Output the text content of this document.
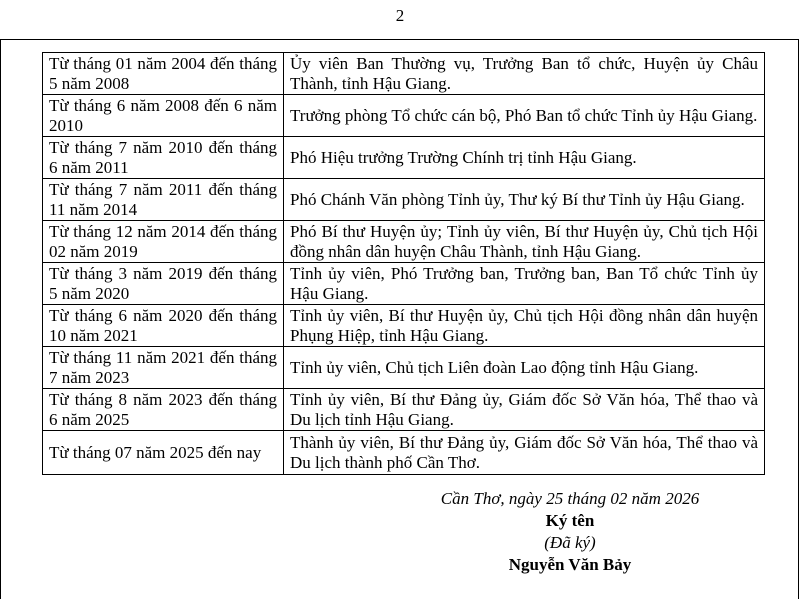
2
Từ tháng 01 năm 2004 đến tháng 5 năm 2008	Ủy viên Ban Thường vụ, Trưởng Ban tổ chức, Huyện ủy Châu Thành, tỉnh Hậu Giang.
Từ tháng 6 năm 2008 đến 6 năm 2010	Trưởng phòng Tổ chức cán bộ, Phó Ban tổ chức Tỉnh ủy Hậu Giang.
Từ tháng 7 năm 2010 đến tháng 6 năm 2011	Phó Hiệu trưởng Trường Chính trị tỉnh Hậu Giang.
Từ tháng 7 năm 2011 đến tháng 11 năm 2014	Phó Chánh Văn phòng Tỉnh ủy, Thư ký Bí thư Tỉnh ủy Hậu Giang.
Từ tháng 12 năm 2014 đến tháng 02 năm 2019	Phó Bí thư Huyện ủy; Tỉnh ủy viên, Bí thư Huyện ủy, Chủ tịch Hội đồng nhân dân huyện Châu Thành, tỉnh Hậu Giang.
Từ tháng 3 năm 2019 đến tháng 5 năm 2020	Tỉnh ủy viên, Phó Trưởng ban, Trưởng ban, Ban Tổ chức Tỉnh ủy Hậu Giang.
Từ tháng 6 năm 2020 đến tháng 10 năm 2021	Tỉnh ủy viên, Bí thư Huyện ủy, Chủ tịch Hội đồng nhân dân huyện Phụng Hiệp, tỉnh Hậu Giang.
Từ tháng 11 năm 2021 đến tháng 7 năm 2023	Tỉnh ủy viên, Chủ tịch Liên đoàn Lao động tỉnh Hậu Giang.
Từ tháng 8 năm 2023 đến tháng 6 năm 2025	Tỉnh ủy viên, Bí thư Đảng ủy, Giám đốc Sở Văn hóa, Thể thao và Du lịch tỉnh Hậu Giang.
Từ tháng 07 năm 2025 đến nay	Thành ủy viên, Bí thư Đảng ủy, Giám đốc Sở Văn hóa, Thể thao và Du lịch thành phố Cần Thơ.
Cần Thơ, ngày 25 tháng 02 năm 2026
Ký tên
(Đã ký)
Nguyễn Văn Bảy
